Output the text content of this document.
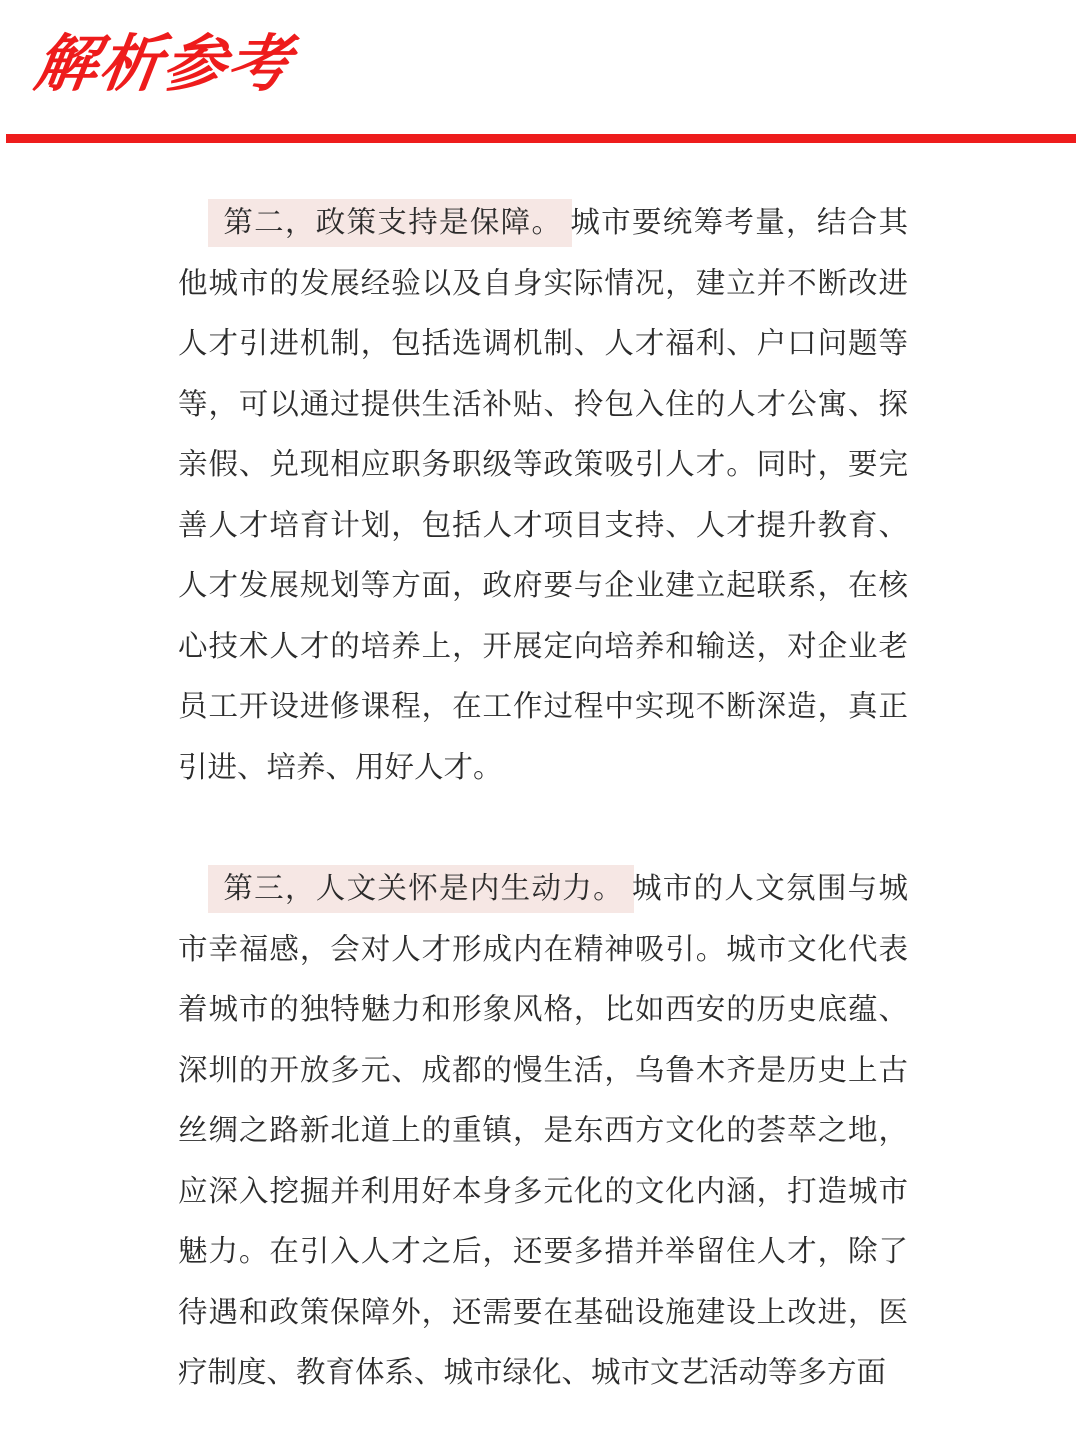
解析参考

第二，政策支持是保障。 城市要统筹考量，结合其他城市的发展经验以及自身实际情况，建立并不断改进人才引进机制，包括选调机制、人才福利、户口问题等等，可以通过提供生活补贴、拎包入住的人才公寓、探亲假、兑现相应职务职级等政策吸引人才。同时，要完善人才培育计划，包括人才项目支持、人才提升教育、人才发展规划等方面，政府要与企业建立起联系，在核心技术人才的培养上，开展定向培养和输送，对企业老员工开设进修课程，在工作过程中实现不断深造，真正引进、培养、用好人才。

第三，人文关怀是内生动力。 城市的人文氛围与城市幸福感，会对人才形成内在精神吸引。城市文化代表着城市的独特魅力和形象风格，比如西安的历史底蕴、深圳的开放多元、成都的慢生活，乌鲁木齐是历史上古丝绸之路新北道上的重镇，是东西方文化的荟萃之地，应深入挖掘并利用好本身多元化的文化内涵，打造城市魅力。在引入人才之后，还要多措并举留住人才，除了待遇和政策保障外，还需要在基础设施建设上改进，医疗制度、教育体系、城市绿化、城市文艺活动等多方面
